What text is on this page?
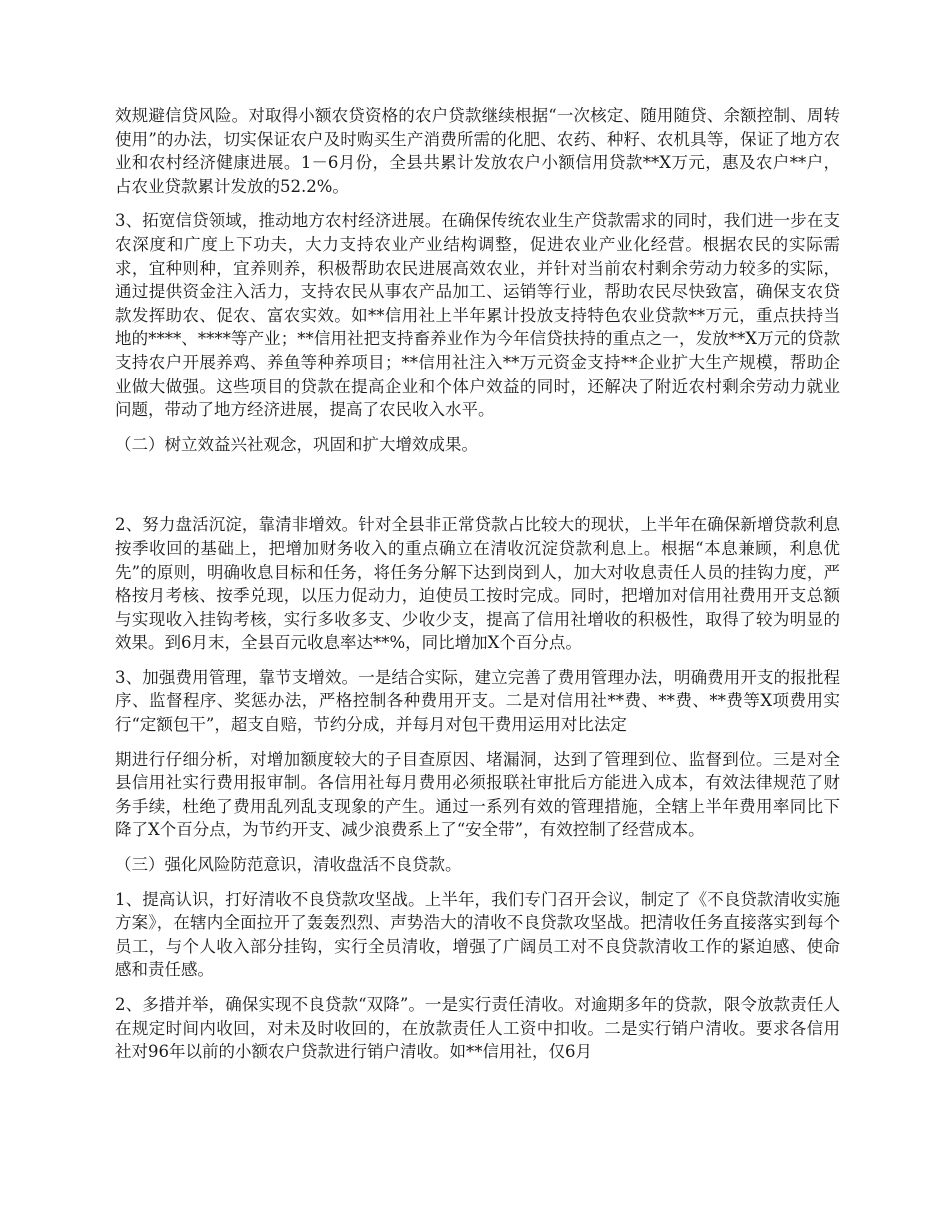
效规避信贷风险。对取得小额农贷资格的农户贷款继续根据“一次核定、随用随贷、余额控制、周转使用”的办法，切实保证农户及时购买生产消费所需的化肥、农药、种籽、农机具等，保证了地方农业和农村经济健康进展。1－6月份，全县共累计发放农户小额信用贷款**X万元，惠及农户**户，占农业贷款累计发放的52.2%。

3、拓宽信贷领域，推动地方农村经济进展。在确保传统农业生产贷款需求的同时，我们进一步在支农深度和广度上下功夫，大力支持农业产业结构调整，促进农业产业化经营。根据农民的实际需求，宜种则种，宜养则养，积极帮助农民进展高效农业，并针对当前农村剩余劳动力较多的实际，通过提供资金注入活力，支持农民从事农产品加工、运销等行业，帮助农民尽快致富，确保支农贷款发挥助农、促农、富农实效。如**信用社上半年累计投放支持特色农业贷款**万元，重点扶持当地的****、****等产业；**信用社把支持畜养业作为今年信贷扶持的重点之一，发放**X万元的贷款支持农户开展养鸡、养鱼等种养项目；**信用社注入**万元资金支持**企业扩大生产规模，帮助企业做大做强。这些项目的贷款在提高企业和个体户效益的同时，还解决了附近农村剩余劳动力就业问题，带动了地方经济进展，提高了农民收入水平。

（二）树立效益兴社观念，巩固和扩大增效成果。

2、努力盘活沉淀，靠清非增效。针对全县非正常贷款占比较大的现状，上半年在确保新增贷款利息按季收回的基础上，把增加财务收入的重点确立在清收沉淀贷款利息上。根据“本息兼顾，利息优先”的原则，明确收息目标和任务，将任务分解下达到岗到人，加大对收息责任人员的挂钩力度，严格按月考核、按季兑现，以压力促动力，迫使员工按时完成。同时，把增加对信用社费用开支总额与实现收入挂钩考核，实行多收多支、少收少支，提高了信用社增收的积极性，取得了较为明显的效果。到6月末，全县百元收息率达**%，同比增加X个百分点。

3、加强费用管理，靠节支增效。一是结合实际，建立完善了费用管理办法，明确费用开支的报批程序、监督程序、奖惩办法，严格控制各种费用开支。二是对信用社**费、**费、**费等X项费用实行“定额包干”，超支自赔，节约分成，并每月对包干费用运用对比法定

期进行仔细分析，对增加额度较大的子目查原因、堵漏洞，达到了管理到位、监督到位。三是对全县信用社实行费用报审制。各信用社每月费用必须报联社审批后方能进入成本，有效法律规范了财务手续，杜绝了费用乱列乱支现象的产生。通过一系列有效的管理措施，全辖上半年费用率同比下降了X个百分点，为节约开支、减少浪费系上了“安全带”，有效控制了经营成本。

（三）强化风险防范意识，清收盘活不良贷款。

1、提高认识，打好清收不良贷款攻坚战。上半年，我们专门召开会议，制定了《不良贷款清收实施方案》，在辖内全面拉开了轰轰烈烈、声势浩大的清收不良贷款攻坚战。把清收任务直接落实到每个员工，与个人收入部分挂钩，实行全员清收，增强了广阔员工对不良贷款清收工作的紧迫感、使命感和责任感。

2、多措并举，确保实现不良贷款“双降”。一是实行责任清收。对逾期多年的贷款，限令放款责任人在规定时间内收回，对未及时收回的，在放款责任人工资中扣收。二是实行销户清收。要求各信用社对96年以前的小额农户贷款进行销户清收。如**信用社，仅6月
